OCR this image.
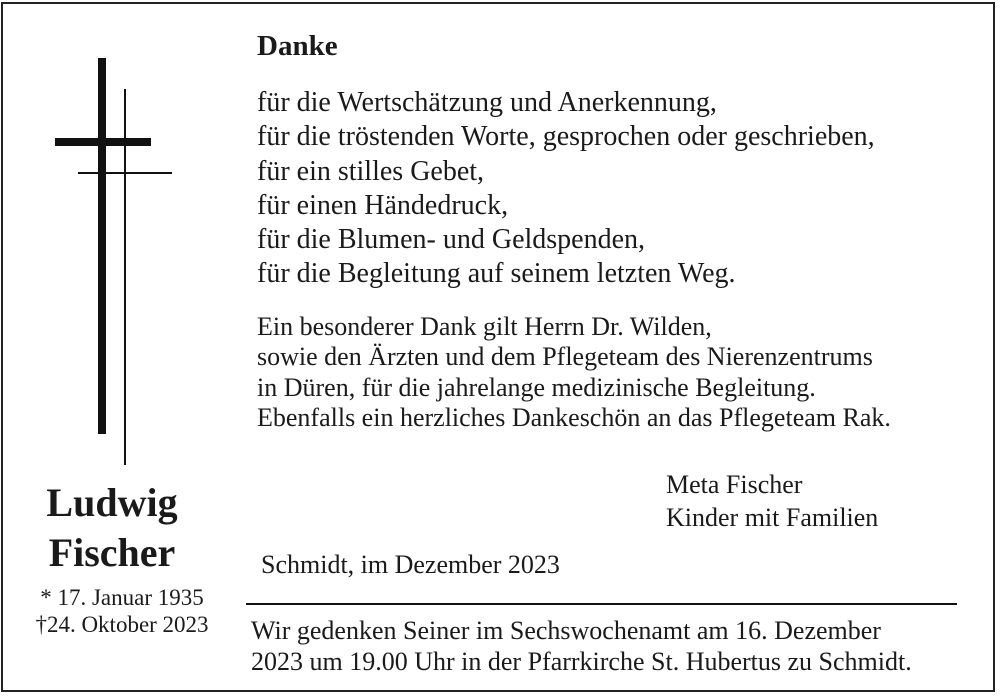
Danke
für die Wertschätzung und Anerkennung,
für die tröstenden Worte, gesprochen oder geschrieben,
für ein stilles Gebet,
für einen Händedruck,
für die Blumen- und Geldspenden,
für die Begleitung auf seinem letzten Weg.
Ein besonderer Dank gilt Herrn Dr. Wilden,
sowie den Ärzten und dem Pflegeteam des Nierenzentrums
in Düren, für die jahrelange medizinische Begleitung.
Ebenfalls ein herzliches Dankeschön an das Pflegeteam Rak.
Meta Fischer
Kinder mit Familien
Schmidt, im Dezember 2023
Ludwig
Fischer
* 17. Januar 1935
†24. Oktober 2023	Wir gedenken Seiner im Sechswochenamt am 16. Dezember
2023 um 19.00 Uhr in der Pfarrkirche St. Hubertus zu Schmidt.
